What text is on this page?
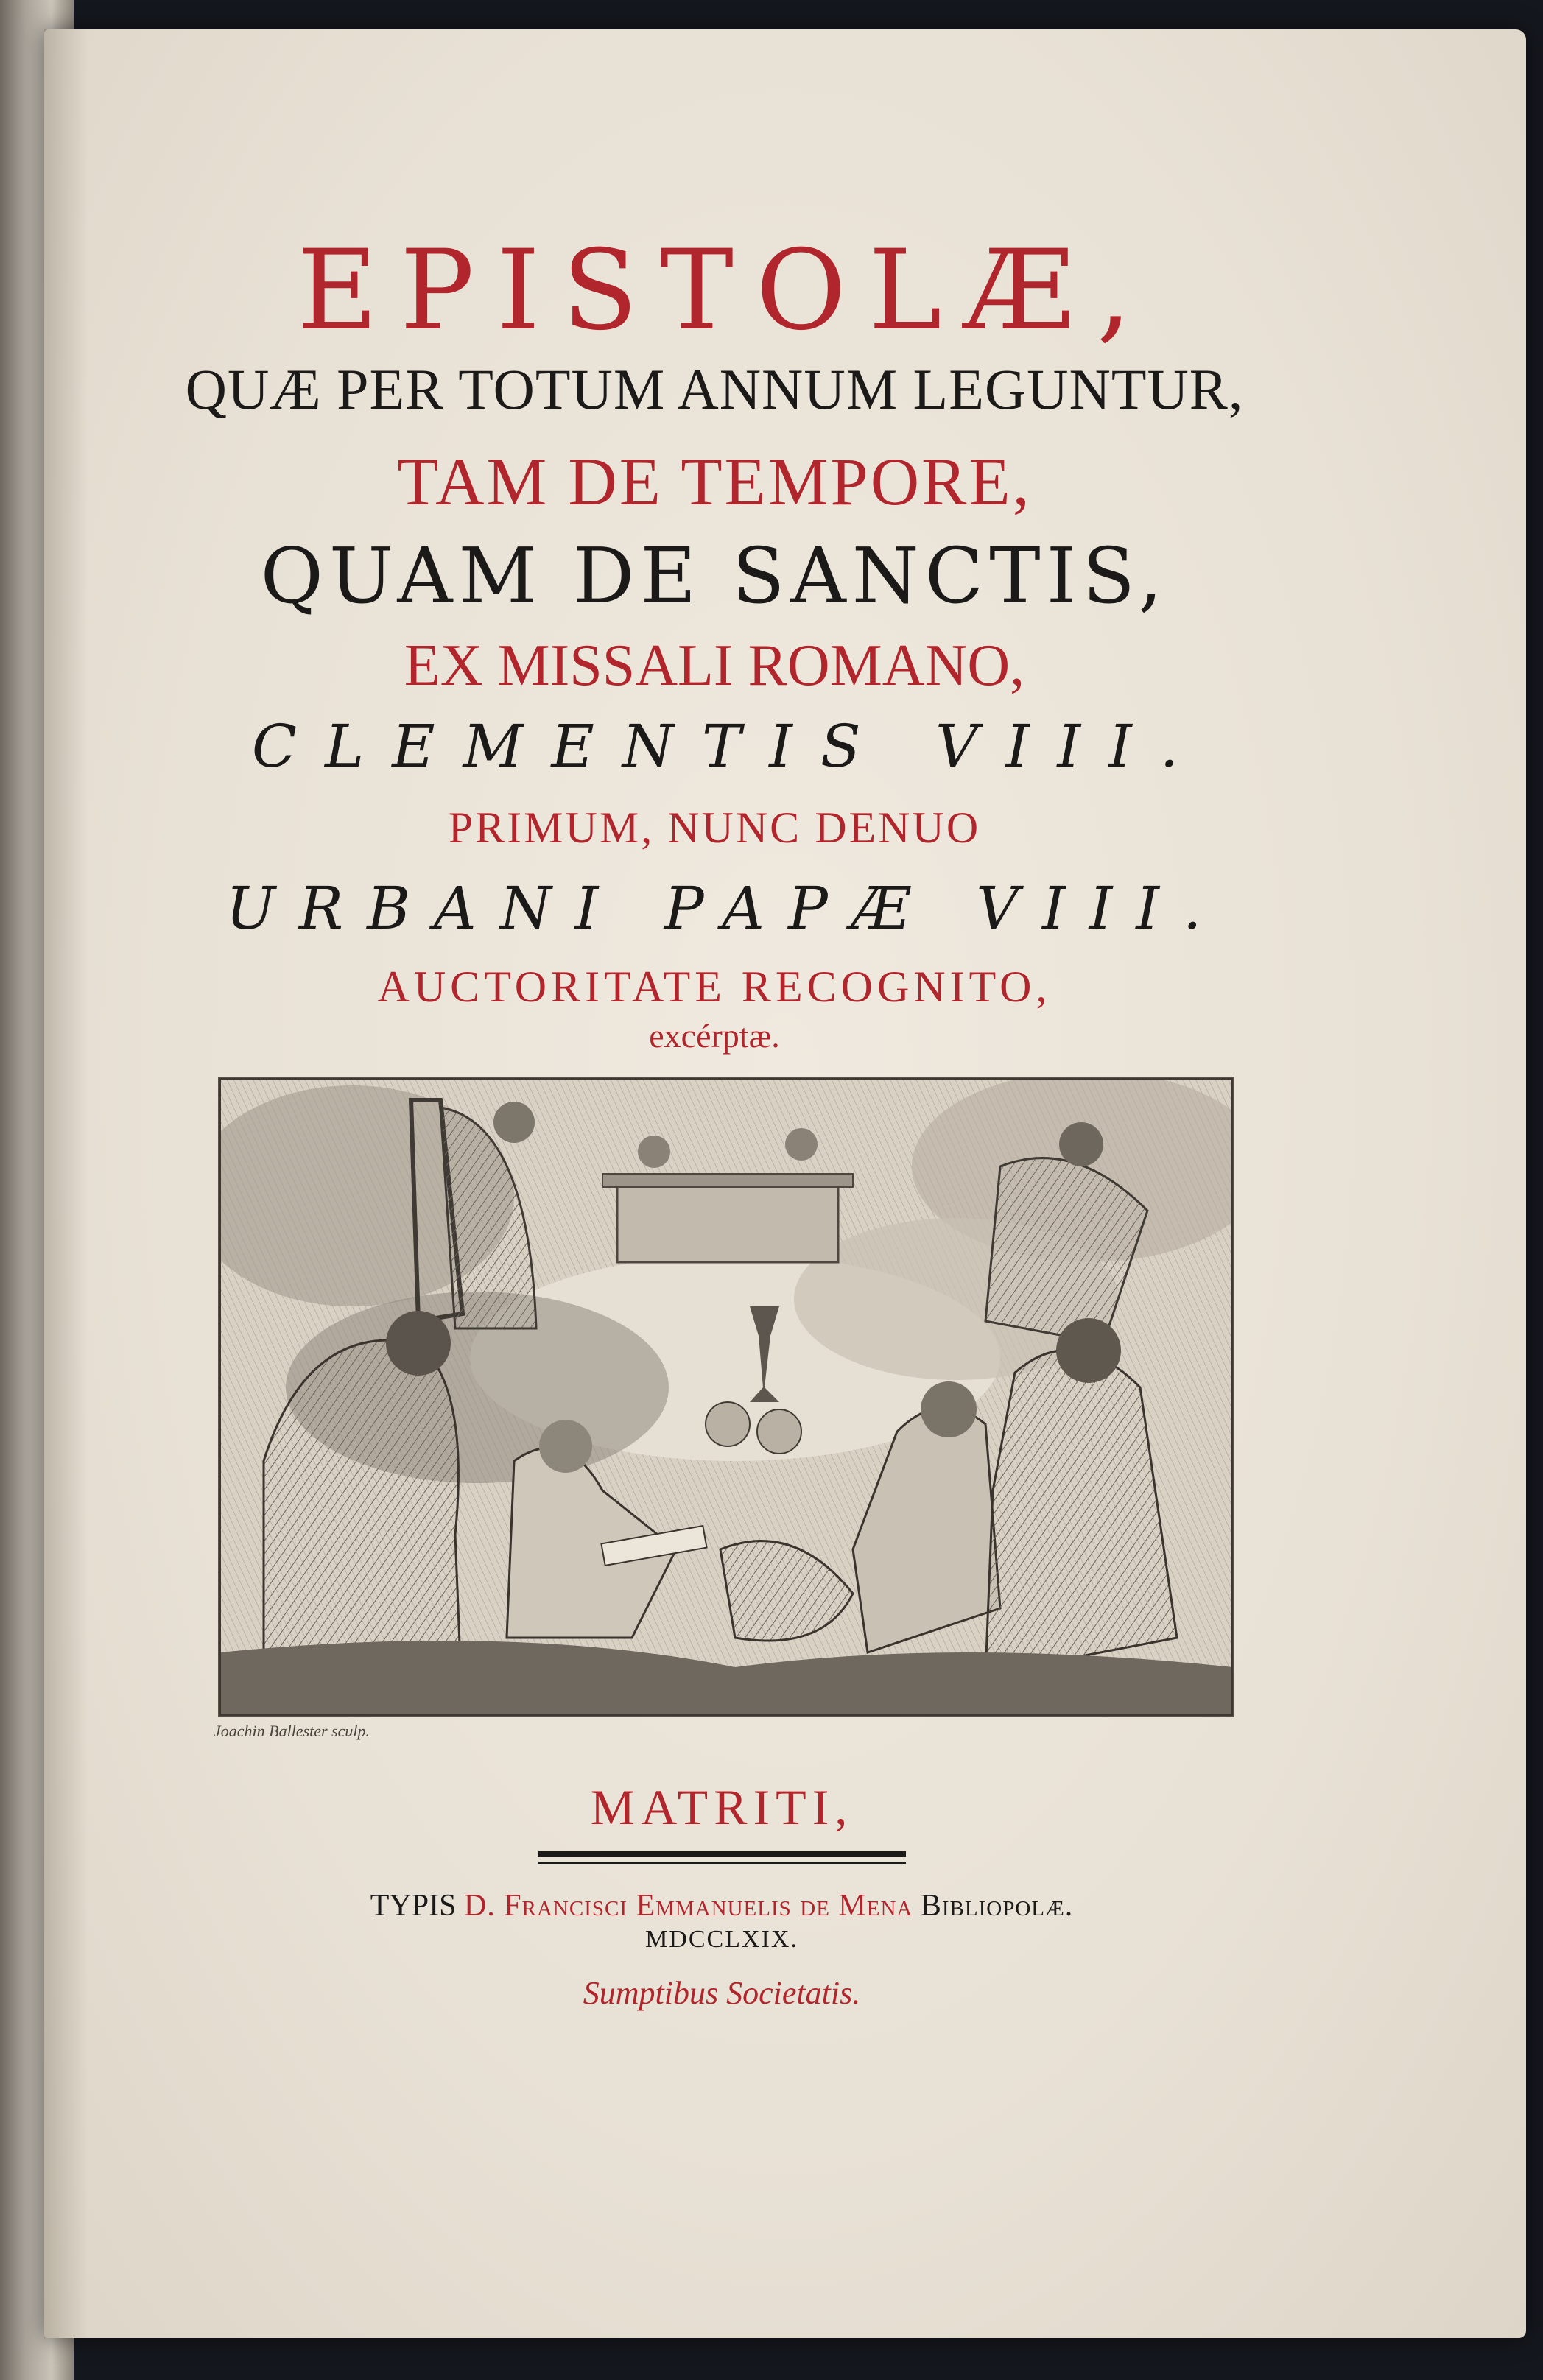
EPISTOLÆ,
QUÆ PER TOTUM ANNUM LEGUNTUR,
TAM DE TEMPORE,
QUAM DE SANCTIS,
EX MISSALI ROMANO,
CLEMENTIS VIII.
PRIMUM, NUNC DENUO
URBANI PAPÆ VIII.
AUCTORITATE RECOGNITO,
excérptæ.
Joachin Ballester sculp.
MATRITI,
TYPIS D. Francisci Emmanuelis de Mena Bibliopolæ.
MDCCLXIX.
Sumptibus Societatis.
